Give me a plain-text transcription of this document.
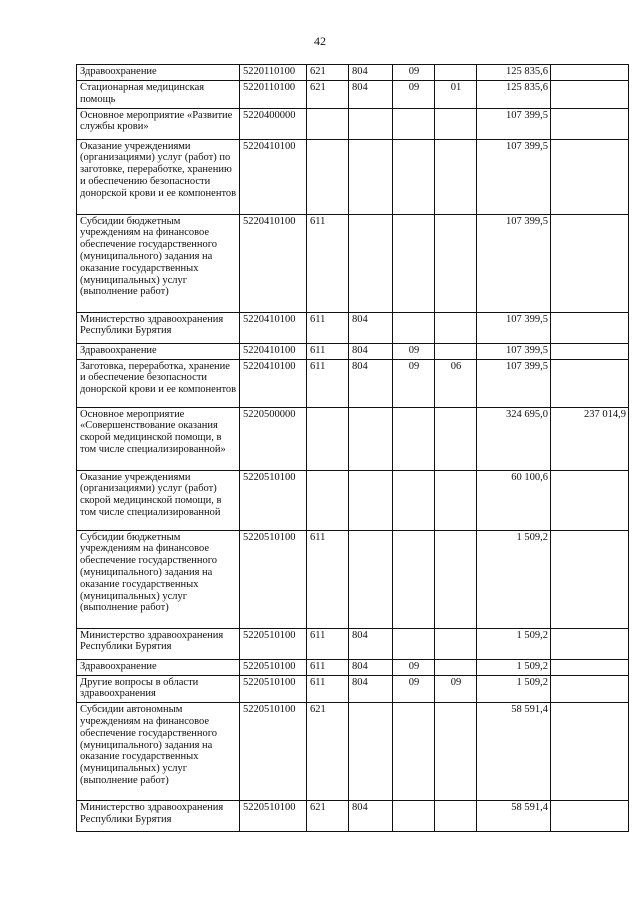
42
Здравоохранение	5220110100	621	804	09		125 835,6	
Стационарная медицинская помощь	5220110100	621	804	09	01	125 835,6	
Основное мероприятие «Развитие службы крови»	5220400000					107 399,5	
Оказание учреждениями (организациями) услуг (работ) по заготовке, переработке, хранению и обеспечению безопасности донорской крови и ее компонентов	5220410100					107 399,5	
Субсидии бюджетным учреждениям на финансовое обеспечение государственного (муниципального) задания на оказание государственных (муниципальных) услуг (выполнение работ)	5220410100	611				107 399,5	
Министерство здравоохранения Республики Бурятия	5220410100	611	804			107 399,5	
Здравоохранение	5220410100	611	804	09		107 399,5	
Заготовка, переработка, хранение и обеспечение безопасности донорской крови и ее компонентов	5220410100	611	804	09	06	107 399,5	
Основное мероприятие «Совершенствование оказания скорой медицинской помощи, в том числе специализированной»	5220500000					324 695,0	237 014,9
Оказание учреждениями (организациями) услуг (работ) скорой медицинской помощи, в том числе специализированной	5220510100					60 100,6	
Субсидии бюджетным учреждениям на финансовое обеспечение государственного (муниципального) задания на оказание государственных (муниципальных) услуг (выполнение работ)	5220510100	611				1 509,2	
Министерство здравоохранения Республики Бурятия	5220510100	611	804			1 509,2	
Здравоохранение	5220510100	611	804	09		1 509,2	
Другие вопросы в области здравоохранения	5220510100	611	804	09	09	1 509,2	
Субсидии автономным учреждениям на финансовое обеспечение государственного (муниципального) задания на оказание государственных (муниципальных) услуг (выполнение работ)	5220510100	621				58 591,4	
Министерство здравоохранения Республики Бурятия	5220510100	621	804			58 591,4	
